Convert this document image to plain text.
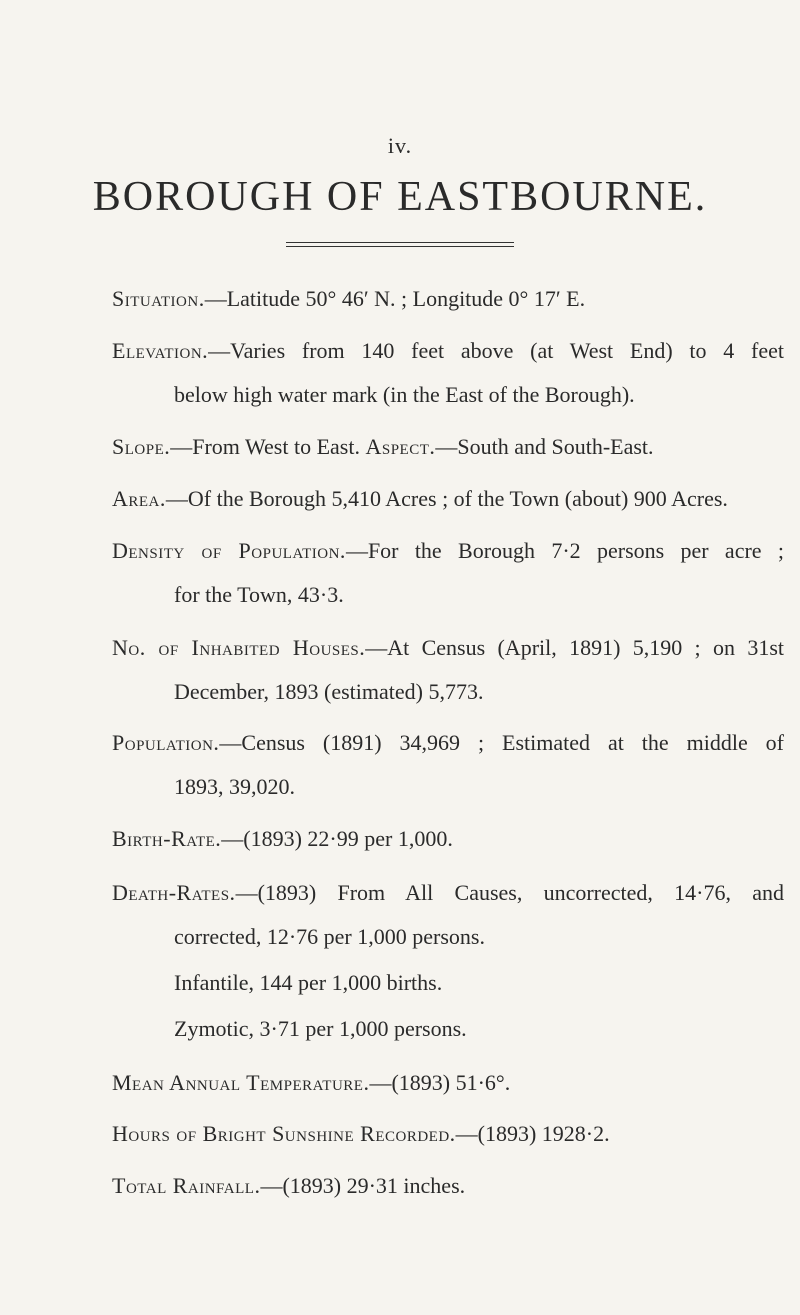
iv.
BOROUGH OF EASTBOURNE.
Situation.—Latitude 50° 46′ N. ; Longitude 0° 17′ E.
Elevation.—Varies from 140 feet above (at West End) to 4 feet
below high water mark (in the East of the Borough).
Slope.—From West to East. Aspect.—South and South-East.
Area.—Of the Borough 5,410 Acres ; of the Town (about) 900 Acres.
Density of Population.—For the Borough 7·2 persons per acre ;
for the Town, 43·3.
No. of Inhabited Houses.—At Census (April, 1891) 5,190 ; on 31st
December, 1893 (estimated) 5,773.
Population.—Census (1891) 34,969 ; Estimated at the middle of
1893, 39,020.
Birth-Rate.—(1893) 22·99 per 1,000.
Death-Rates.—(1893) From All Causes, uncorrected, 14·76, and
corrected, 12·76 per 1,000 persons.
Infantile, 144 per 1,000 births.
Zymotic, 3·71 per 1,000 persons.
Mean Annual Temperature.—(1893) 51·6°.
Hours of Bright Sunshine Recorded.—(1893) 1928·2.
Total Rainfall.—(1893) 29·31 inches.
